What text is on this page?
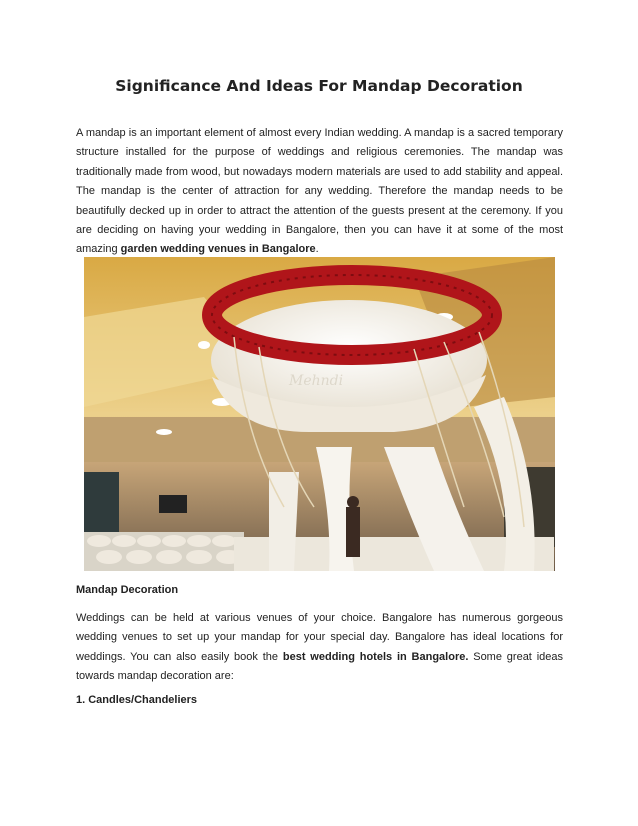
Significance And Ideas For Mandap Decoration

A mandap is an important element of almost every Indian wedding. A mandap is a sacred temporary structure installed for the purpose of weddings and religious ceremonies. The mandap was traditionally made from wood, but nowadays modern materials are used to add stability and appeal. The mandap is the center of attraction for any wedding. Therefore the mandap needs to be beautifully decked up in order to attract the attention of the guests present at the ceremony. If you are deciding on having your wedding in Bangalore, then you can have it at some of the most amazing garden wedding venues in Bangalore.

Mehndi
Mandap Decoration

Weddings can be held at various venues of your choice. Bangalore has numerous gorgeous wedding venues to set up your mandap for your special day. Bangalore has ideal locations for weddings. You can also easily book the best wedding hotels in Bangalore. Some great ideas towards mandap decoration are:

1. Candles/Chandeliers
